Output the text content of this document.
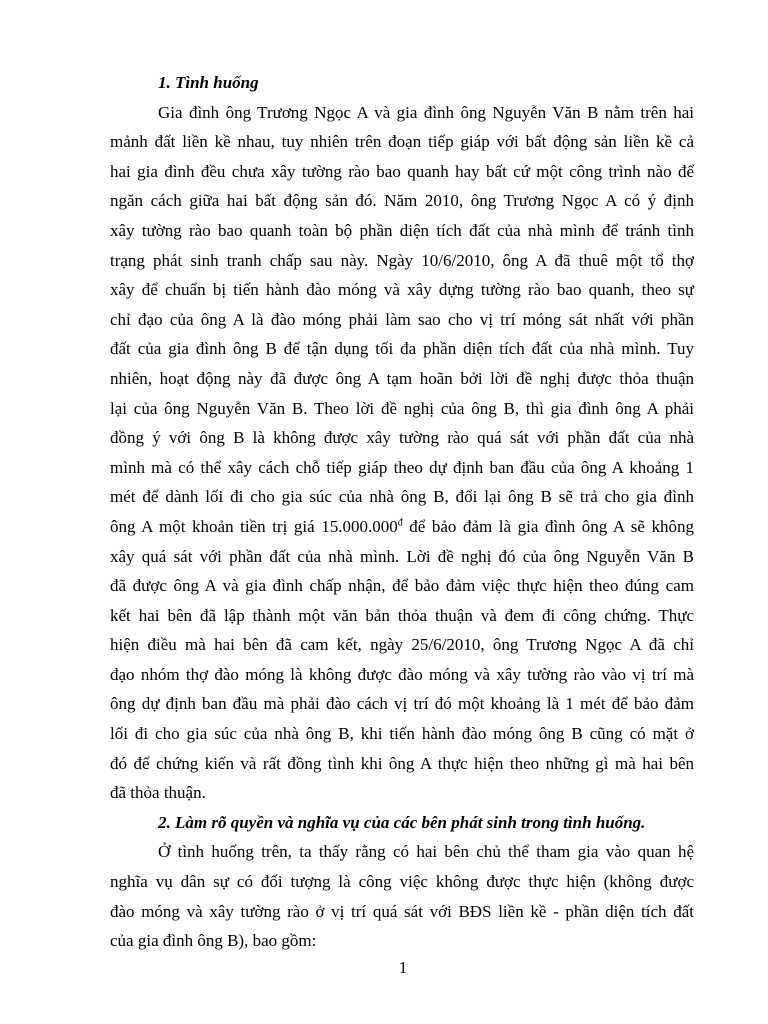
1. Tình huống

Gia đình ông Trương Ngọc A và gia đình ông Nguyễn Văn B nằm trên hai
mảnh đất liền kề nhau, tuy nhiên trên đoạn tiếp giáp với bất động sản liền kề cả
hai gia đình đều chưa xây tường rào bao quanh hay bất cứ một công trình nào để
ngăn cách giữa hai bất động sản đó. Năm 2010, ông Trương Ngọc A có ý định
xây tường rào bao quanh toàn bộ phần diện tích đất của nhà mình để tránh tình
trạng phát sinh tranh chấp sau này. Ngày 10/6/2010, ông A đã thuê một tổ thợ
xây để chuẩn bị tiến hành đào móng và xây dựng tường rào bao quanh, theo sự
chỉ đạo của ông A là đào móng phải làm sao cho vị trí móng sát nhất với phần
đất của gia đình ông B để tận dụng tối đa phần diện tích đất của nhà mình. Tuy
nhiên, hoạt động này đã được ông A tạm hoãn bởi lời đề nghị được thỏa thuận
lại của ông Nguyễn Văn B. Theo lời đề nghị của ông B, thì gia đình ông A phải
đồng ý với ông B là không được xây tường rào quá sát với phần đất của nhà
mình mà có thể xây cách chỗ tiếp giáp theo dự định ban đầu của ông A khoảng 1
mét để dành lối đi cho gia súc của nhà ông B, đổi lại ông B sẽ trả cho gia đình
ông A một khoản tiền trị giá $15.000.000^đ$ để bảo đảm là gia đình ông A sẽ không
xây quá sát với phần đất của nhà mình. Lời đề nghị đó của ông Nguyễn Văn B
đã được ông A và gia đình chấp nhận, để bảo đảm việc thực hiện theo đúng cam
kết hai bên đã lập thành một văn bản thỏa thuận và đem đi công chứng. Thực
hiện điều mà hai bên đã cam kết, ngày 25/6/2010, ông Trương Ngọc A đã chỉ
đạo nhóm thợ đào móng là không được đào móng và xây tường rào vào vị trí mà
ông dự định ban đầu mà phải đào cách vị trí đó một khoảng là 1 mét để bảo đảm
lối đi cho gia súc của nhà ông B, khi tiến hành đào móng ông B cũng có mặt ở
đó để chứng kiến và rất đồng tình khi ông A thực hiện theo những gì mà hai bên
đã thỏa thuận.

2. Làm rõ quyền và nghĩa vụ của các bên phát sinh trong tình huống.

Ở tình huống trên, ta thấy rằng có hai bên chủ thể tham gia vào quan hệ
nghĩa vụ dân sự có đối tượng là công việc không được thực hiện (không được
đào móng và xây tường rào ở vị trí quá sát với BĐS liền kề - phần diện tích đất
của gia đình ông B), bao gồm:

1
